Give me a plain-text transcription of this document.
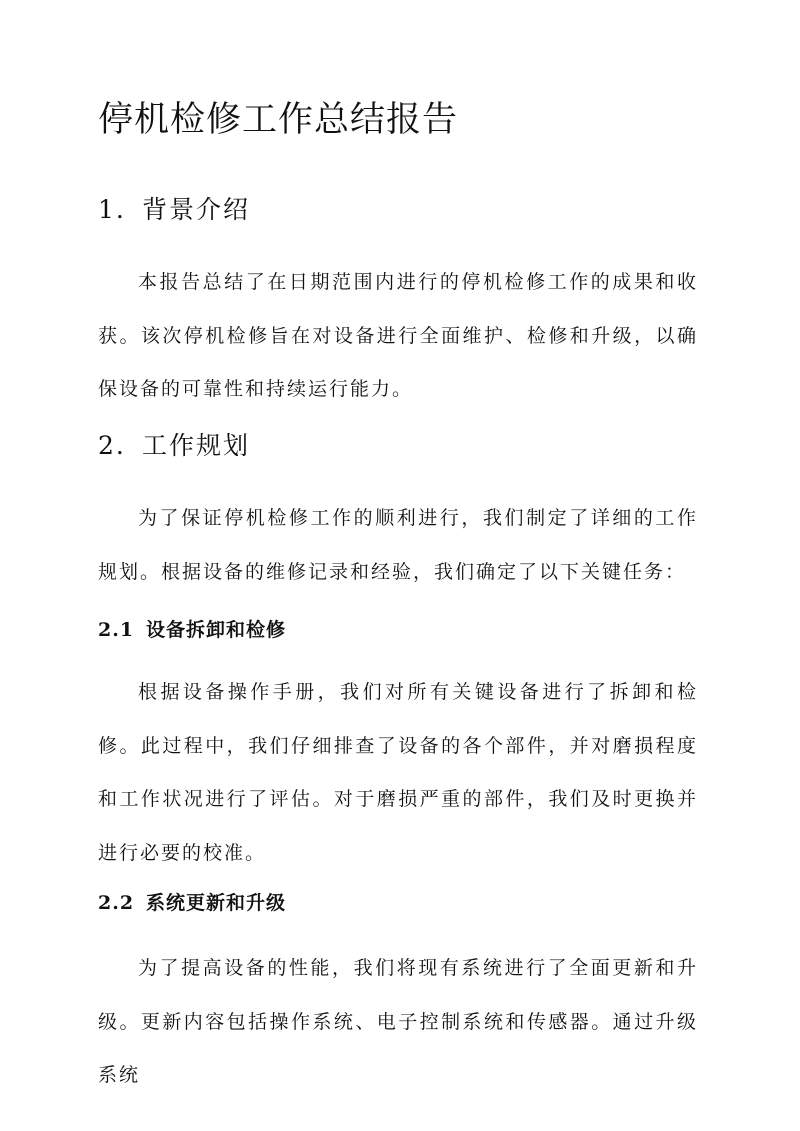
停机检修工作总结报告
1. 背景介绍

本报告总结了在日期范围内进行的停机检修工作的成果和收获。该次停机检修旨在对设备进行全面维护、检修和升级，以确保设备的可靠性和持续运行能力。

2. 工作规划

为了保证停机检修工作的顺利进行，我们制定了详细的工作规划。根据设备的维修记录和经验，我们确定了以下关键任务：

2.1 设备拆卸和检修

根据设备操作手册，我们对所有关键设备进行了拆卸和检修。此过程中，我们仔细排查了设备的各个部件，并对磨损程度和工作状况进行了评估。对于磨损严重的部件，我们及时更换并进行必要的校准。

2.2 系统更新和升级

为了提高设备的性能，我们将现有系统进行了全面更新和升级。更新内容包括操作系统、电子控制系统和传感器。通过升级系统
